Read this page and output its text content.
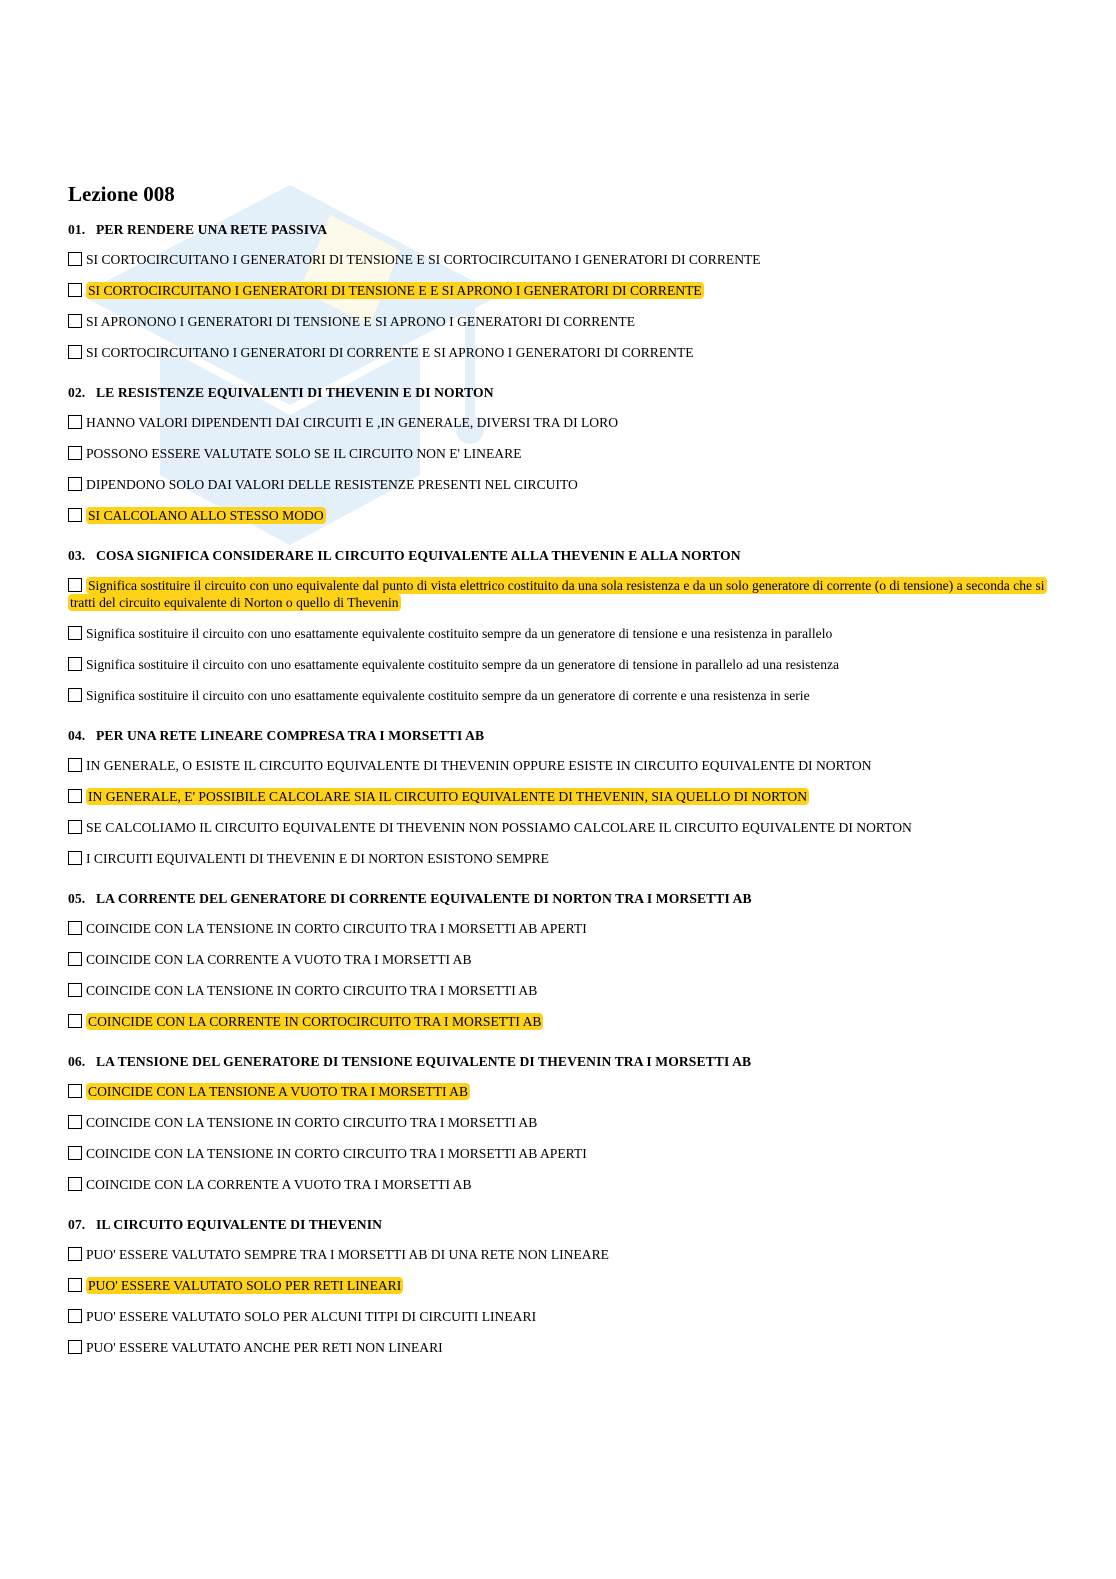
Lezione 008
01. PER RENDERE UNA RETE PASSIVA
SI CORTOCIRCUITANO I GENERATORI DI TENSIONE E SI CORTOCIRCUITANO I GENERATORI DI CORRENTE
SI CORTOCIRCUITANO I GENERATORI DI TENSIONE E E SI APRONO I GENERATORI DI CORRENTE
SI APRONONO I GENERATORI DI TENSIONE E SI APRONO I GENERATORI DI CORRENTE
SI CORTOCIRCUITANO I GENERATORI DI CORRENTE E SI APRONO I GENERATORI DI CORRENTE
02. LE RESISTENZE EQUIVALENTI DI THEVENIN E DI NORTON
HANNO VALORI DIPENDENTI DAI CIRCUITI E ,IN GENERALE, DIVERSI TRA DI LORO
POSSONO ESSERE VALUTATE SOLO SE IL CIRCUITO NON E' LINEARE
DIPENDONO SOLO DAI VALORI DELLE RESISTENZE PRESENTI NEL CIRCUITO
SI CALCOLANO ALLO STESSO MODO
03. COSA SIGNIFICA CONSIDERARE IL CIRCUITO EQUIVALENTE ALLA THEVENIN E ALLA NORTON
Significa sostituire il circuito con uno equivalente dal punto di vista elettrico costituito da una sola resistenza e da un solo generatore di corrente (o di tensione) a seconda che si tratti del circuito equivalente di Norton o quello di Thevenin
Significa sostituire il circuito con uno esattamente equivalente costituito sempre da un generatore di tensione e una resistenza in parallelo
Significa sostituire il circuito con uno esattamente equivalente costituito sempre da un generatore di tensione in parallelo ad una resistenza
Significa sostituire il circuito con uno esattamente equivalente costituito sempre da un generatore di corrente e una resistenza in serie
04. PER UNA RETE LINEARE COMPRESA TRA I MORSETTI AB
IN GENERALE, O ESISTE IL CIRCUITO EQUIVALENTE DI THEVENIN OPPURE ESISTE IN CIRCUITO EQUIVALENTE DI NORTON
IN GENERALE, E' POSSIBILE CALCOLARE SIA IL CIRCUITO EQUIVALENTE DI THEVENIN, SIA QUELLO DI NORTON
SE CALCOLIAMO IL CIRCUITO EQUIVALENTE DI THEVENIN NON POSSIAMO CALCOLARE IL CIRCUITO EQUIVALENTE DI NORTON
I CIRCUITI EQUIVALENTI DI THEVENIN E DI NORTON ESISTONO SEMPRE
05. LA CORRENTE DEL GENERATORE DI CORRENTE EQUIVALENTE DI NORTON TRA I MORSETTI AB
COINCIDE CON LA TENSIONE IN CORTO CIRCUITO TRA I MORSETTI AB APERTI
COINCIDE CON LA CORRENTE A VUOTO TRA I MORSETTI AB
COINCIDE CON LA TENSIONE IN CORTO CIRCUITO TRA I MORSETTI AB
COINCIDE CON LA CORRENTE IN CORTOCIRCUITO TRA I MORSETTI AB
06. LA TENSIONE DEL GENERATORE DI TENSIONE EQUIVALENTE DI THEVENIN TRA I MORSETTI AB
COINCIDE CON LA TENSIONE A VUOTO TRA I MORSETTI AB
COINCIDE CON LA TENSIONE IN CORTO CIRCUITO TRA I MORSETTI AB
COINCIDE CON LA TENSIONE IN CORTO CIRCUITO TRA I MORSETTI AB APERTI
COINCIDE CON LA CORRENTE A VUOTO TRA I MORSETTI AB
07. IL CIRCUITO EQUIVALENTE DI THEVENIN
PUO' ESSERE VALUTATO SEMPRE TRA I MORSETTI AB DI UNA RETE NON LINEARE
PUO' ESSERE VALUTATO SOLO PER RETI LINEARI
PUO' ESSERE VALUTATO SOLO PER ALCUNI TITPI DI CIRCUITI LINEARI
PUO' ESSERE VALUTATO ANCHE PER RETI NON LINEARI
